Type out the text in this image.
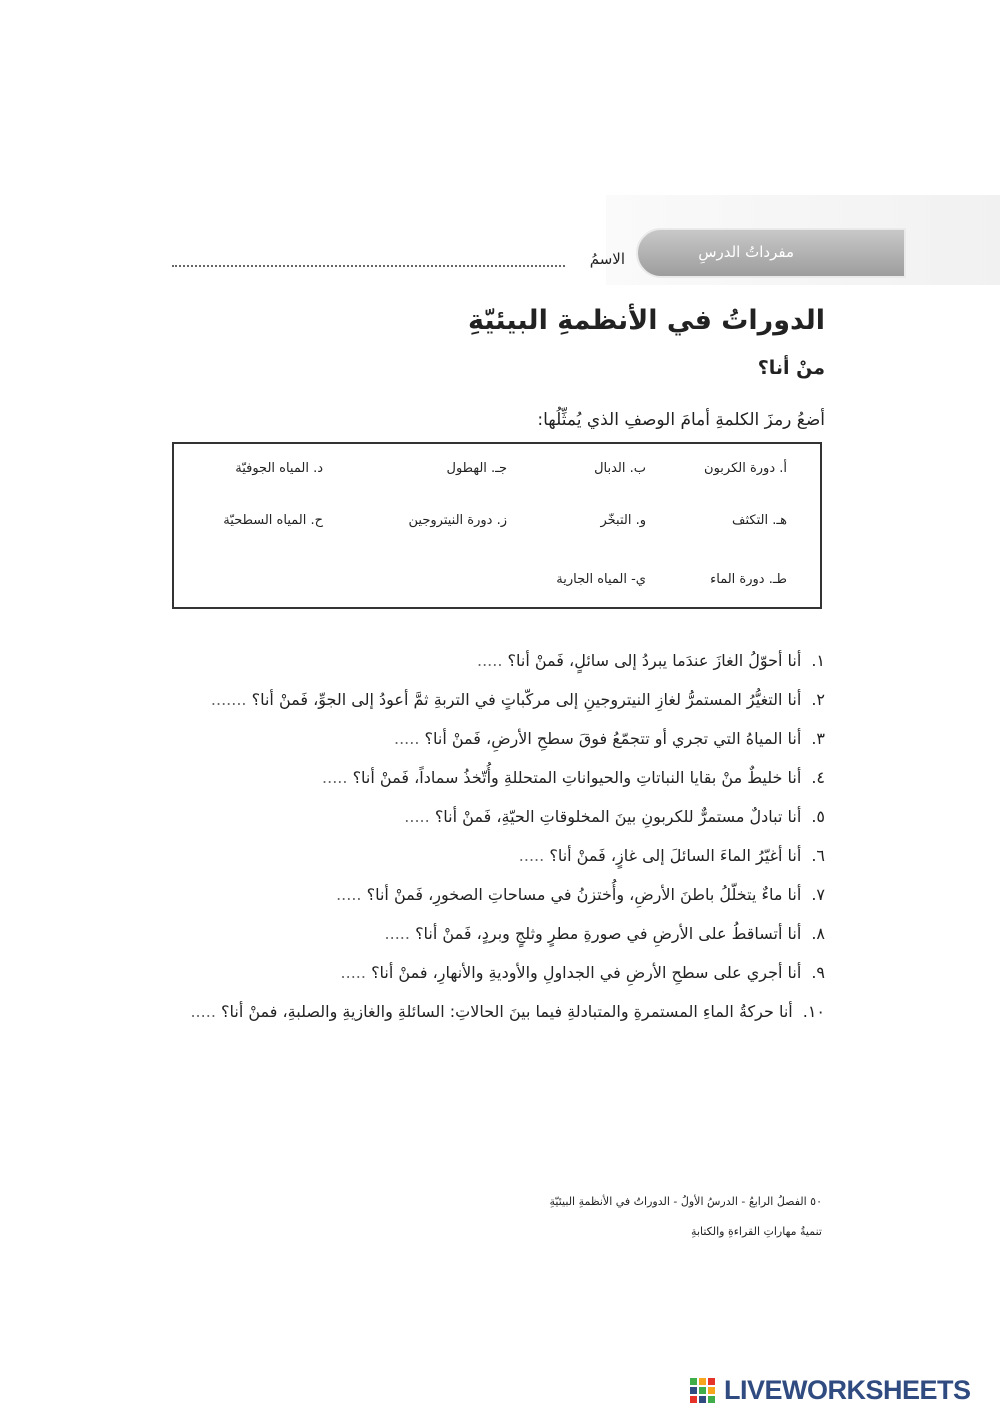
مفرداتُ الدرسِ
الاسمُ
الدوراتُ في الأنظمةِ البيئيّةِ
منْ أنا؟
أضعُ رمزَ الكلمةِ أمامَ الوصفِ الذي يُمثِّلُها:
أ. دورة الكربون
ب. الدبال
جـ. الهطول
د. المياه الجوفيّة
هـ. التكثف
و. التبخّر
ز. دورة النيتروجين
ح. المياه السطحيّة
طـ. دورة الماء
ي- المياه الجارية
١.أنا أحوّلُ الغازَ عندَما يبردُ إلى سائلٍ، فَمنْ أنا؟ .....
٢.أنا التغيُّرُ المستمرُّ لغازِ النيتروجينِ إلى مركّباتٍ في التربةِ ثمَّ أعودُ إلى الجوِّ، فَمنْ أنا؟ .......
٣.أنا المياهُ التي تجري أو تتجمّعُ فوقَ سطحِ الأرضِ، فَمنْ أنا؟ .....
٤.أنا خليطٌ منْ بقايا النباتاتِ والحيواناتِ المتحللةِ وأُتّخذُ سماداً، فَمنْ أنا؟ .....
٥.أنا تبادلٌ مستمرٌّ للكربونِ بينَ المخلوقاتِ الحيّةِ، فَمنْ أنا؟ .....
٦.أنا أغيّرُ الماءَ السائلَ إلى غازٍ، فَمنْ أنا؟ .....
٧.أنا ماءٌ يتخلّلُ باطنَ الأرضِ، وأُختزنُ في مساحاتِ الصخورِ، فَمنْ أنا؟ .....
٨.أنا أتساقطُ على الأرضِ في صورةِ مطرٍ وثلجٍ وبردٍ، فَمنْ أنا؟ .....
٩.أنا أجري على سطحِ الأرضِ في الجداولِ والأوديةِ والأنهارِ، فمنْ أنا؟ .....
١٠.أنا حركةُ الماءِ المستمرةِ والمتبادلةِ فيما بينَ الحالاتِ: السائلةِ والغازيةِ والصلبةِ، فمنْ أنا؟ .....
٥٠ الفصلُ الرابعُ - الدرسُ الأولُ - الدوراتُ في الأنظمةِ البيئيّةِ
تنميةُ مهاراتِ القراءةِ والكتابةِ
LIVEWORKSHEETS
